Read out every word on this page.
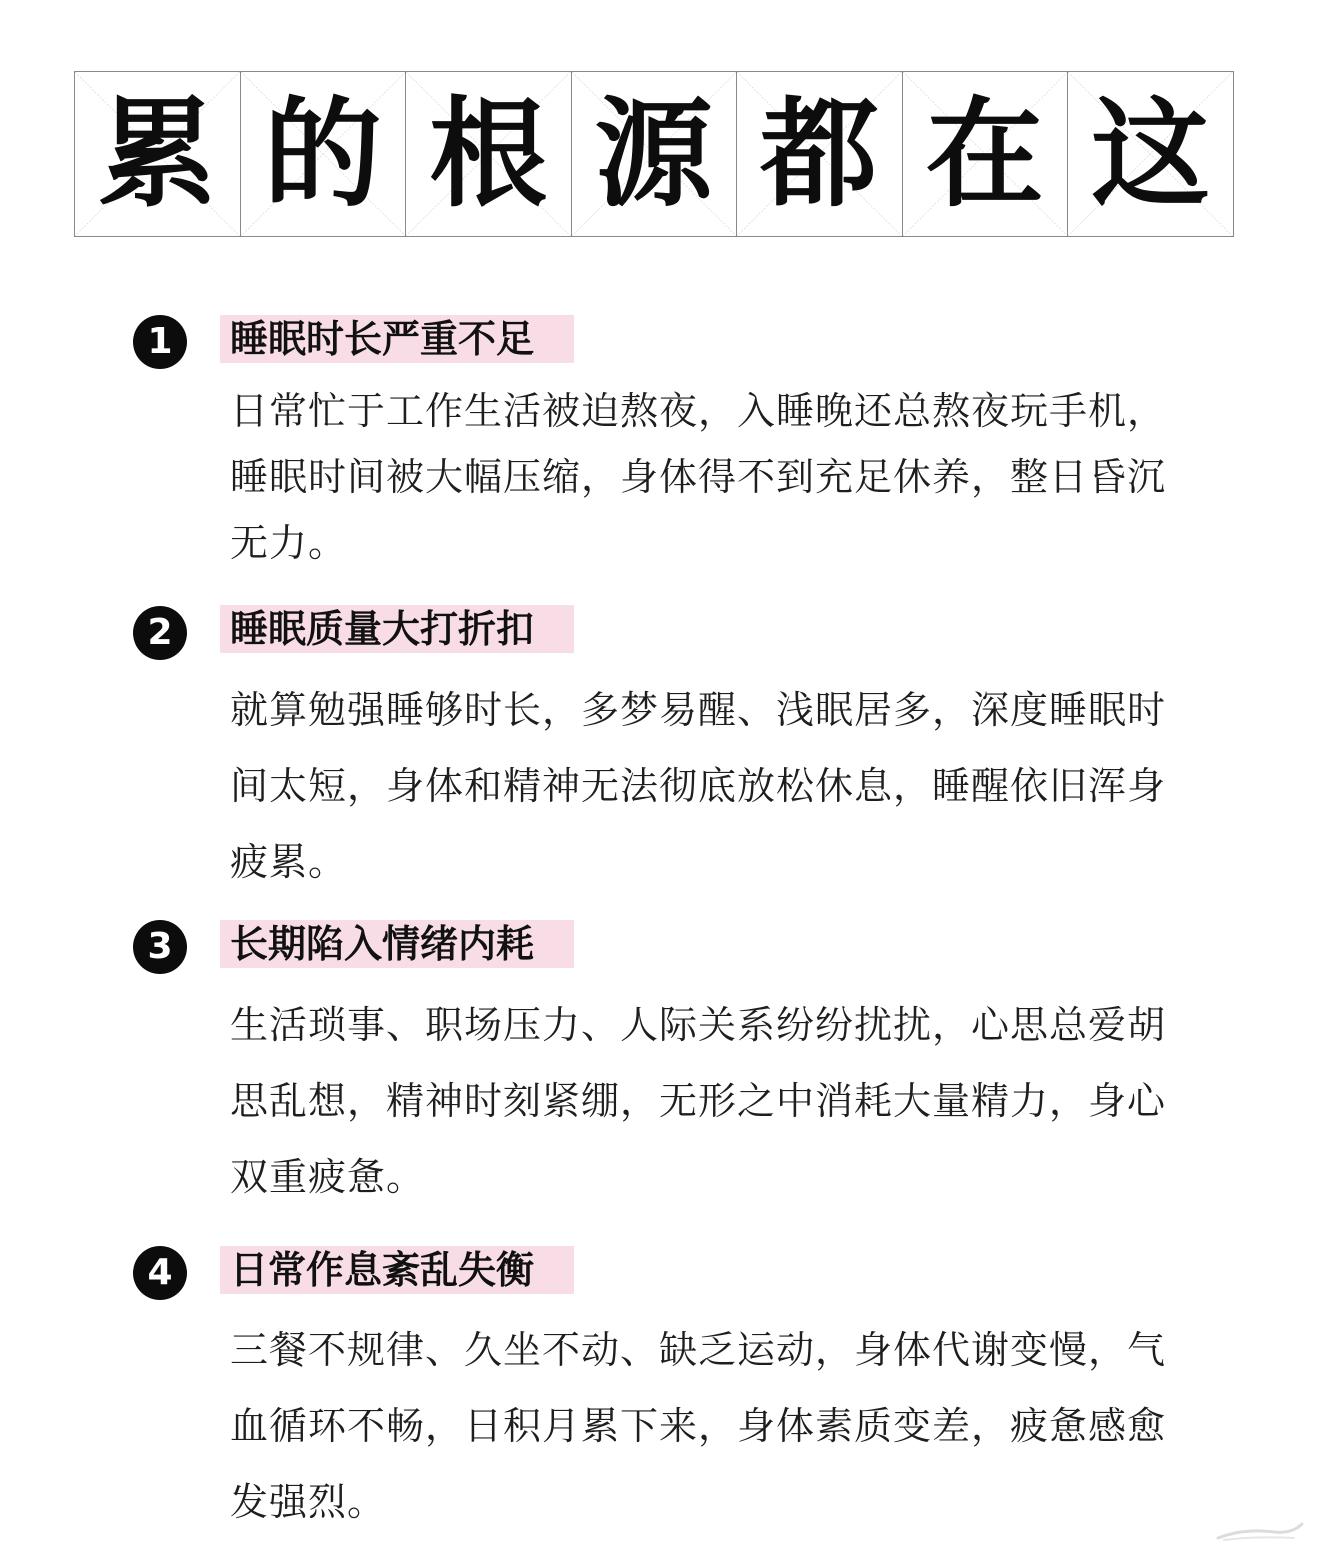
累 的 根 源 都 在 这
1	睡眠时长严重不足
日常忙于工作生活被迫熬夜，入睡晚还总熬夜玩手机，
睡眠时间被大幅压缩，身体得不到充足休养，整日昏沉
无力。
2	睡眠质量大打折扣
就算勉强睡够时长，多梦易醒、浅眠居多，深度睡眠时
间太短，身体和精神无法彻底放松休息，睡醒依旧浑身
疲累。
3	长期陷入情绪内耗
生活琐事、职场压力、人际关系纷纷扰扰，心思总爱胡
思乱想，精神时刻紧绷，无形之中消耗大量精力，身心
双重疲惫。
4	日常作息紊乱失衡
三餐不规律、久坐不动、缺乏运动，身体代谢变慢，气
血循环不畅，日积月累下来，身体素质变差，疲惫感愈
发强烈。
